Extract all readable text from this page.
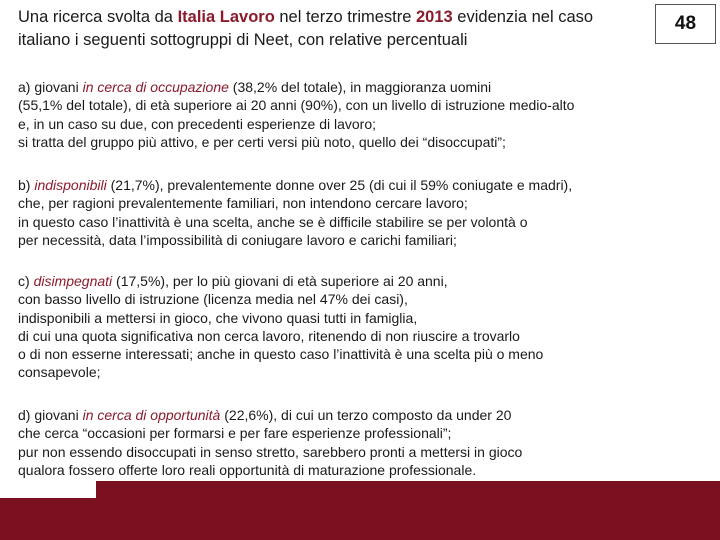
48
Una ricerca svolta da Italia Lavoro nel terzo trimestre 2013 evidenzia nel caso
italiano i seguenti sottogruppi di Neet, con relative percentuali

a) giovani in cerca di occupazione (38,2% del totale), in maggioranza uomini
(55,1% del totale), di età superiore ai 20 anni (90%), con un livello di istruzione medio-alto
e, in un caso su due, con precedenti esperienze di lavoro;
si tratta del gruppo più attivo, e per certi versi più noto, quello dei “disoccupati”;

b) indisponibili (21,7%), prevalentemente donne over 25 (di cui il 59% coniugate e madri),
che, per ragioni prevalentemente familiari, non intendono cercare lavoro;
in questo caso l’inattività è una scelta, anche se è difficile stabilire se per volontà o
per necessità, data l’impossibilità di coniugare lavoro e carichi familiari;

c) disimpegnati (17,5%), per lo più giovani di età superiore ai 20 anni,
con basso livello di istruzione (licenza media nel 47% dei casi),
indisponibili a mettersi in gioco, che vivono quasi tutti in famiglia,
di cui una quota significativa non cerca lavoro, ritenendo di non riuscire a trovarlo
o di non esserne interessati; anche in questo caso l’inattività è una scelta più o meno
consapevole;

d) giovani in cerca di opportunità (22,6%), di cui un terzo composto da under 20
che cerca “occasioni per formarsi e per fare esperienze professionali”;
pur non essendo disoccupati in senso stretto, sarebbero pronti a mettersi in gioco
qualora fossero offerte loro reali opportunità di maturazione professionale.
